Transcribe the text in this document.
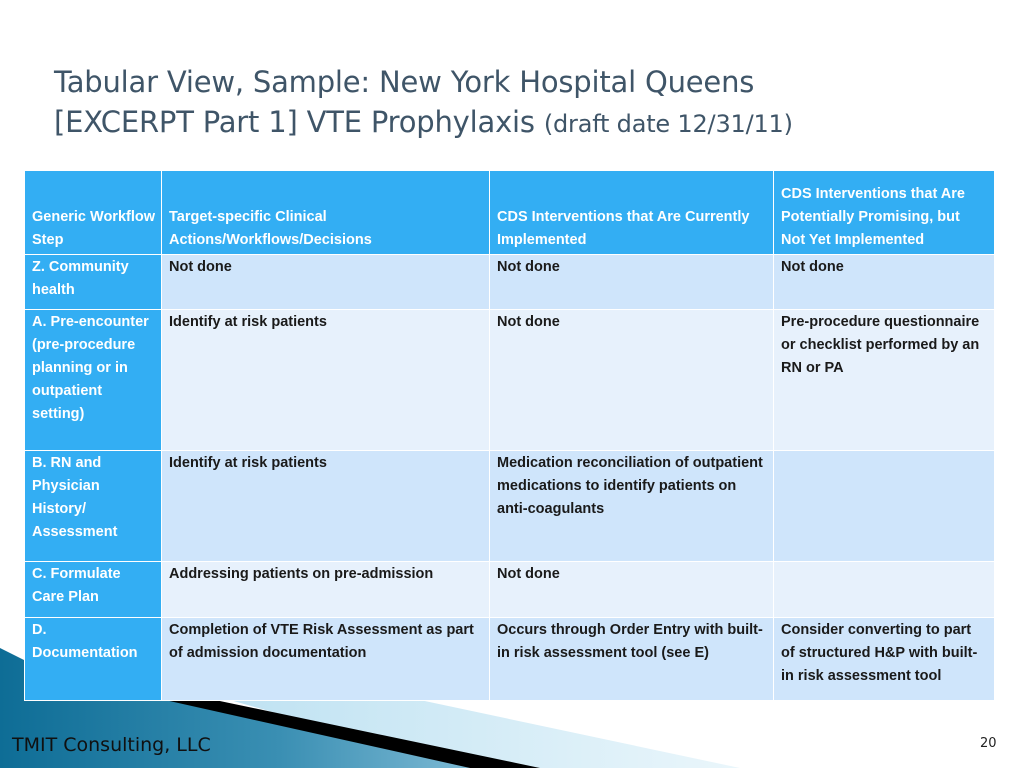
Tabular View, Sample: New York Hospital Queens
[EXCERPT Part 1] VTE Prophylaxis (draft date 12/31/11)
Generic Workflow Step	Target-specific Clinical Actions/Workflows/Decisions	CDS Interventions that Are Currently Implemented	CDS Interventions that Are Potentially Promising, but Not Yet Implemented
Z. Community health	Not done	Not done	Not done
A. Pre-encounter (pre-procedure planning or in outpatient setting)	Identify at risk patients	Not done	Pre-procedure questionnaire or checklist performed by an RN or PA
B. RN and Physician History/ Assessment	Identify at risk patients	Medication reconciliation of outpatient medications to identify patients on anti-coagulants	
C. Formulate Care Plan	Addressing patients on pre-admission	Not done	
D. Documentation	Completion of VTE Risk Assessment as part of admission documentation	Occurs through Order Entry with built-in risk assessment tool (see E)	Consider converting to part of structured H&P with built-in risk assessment tool
TMIT Consulting, LLC	20
